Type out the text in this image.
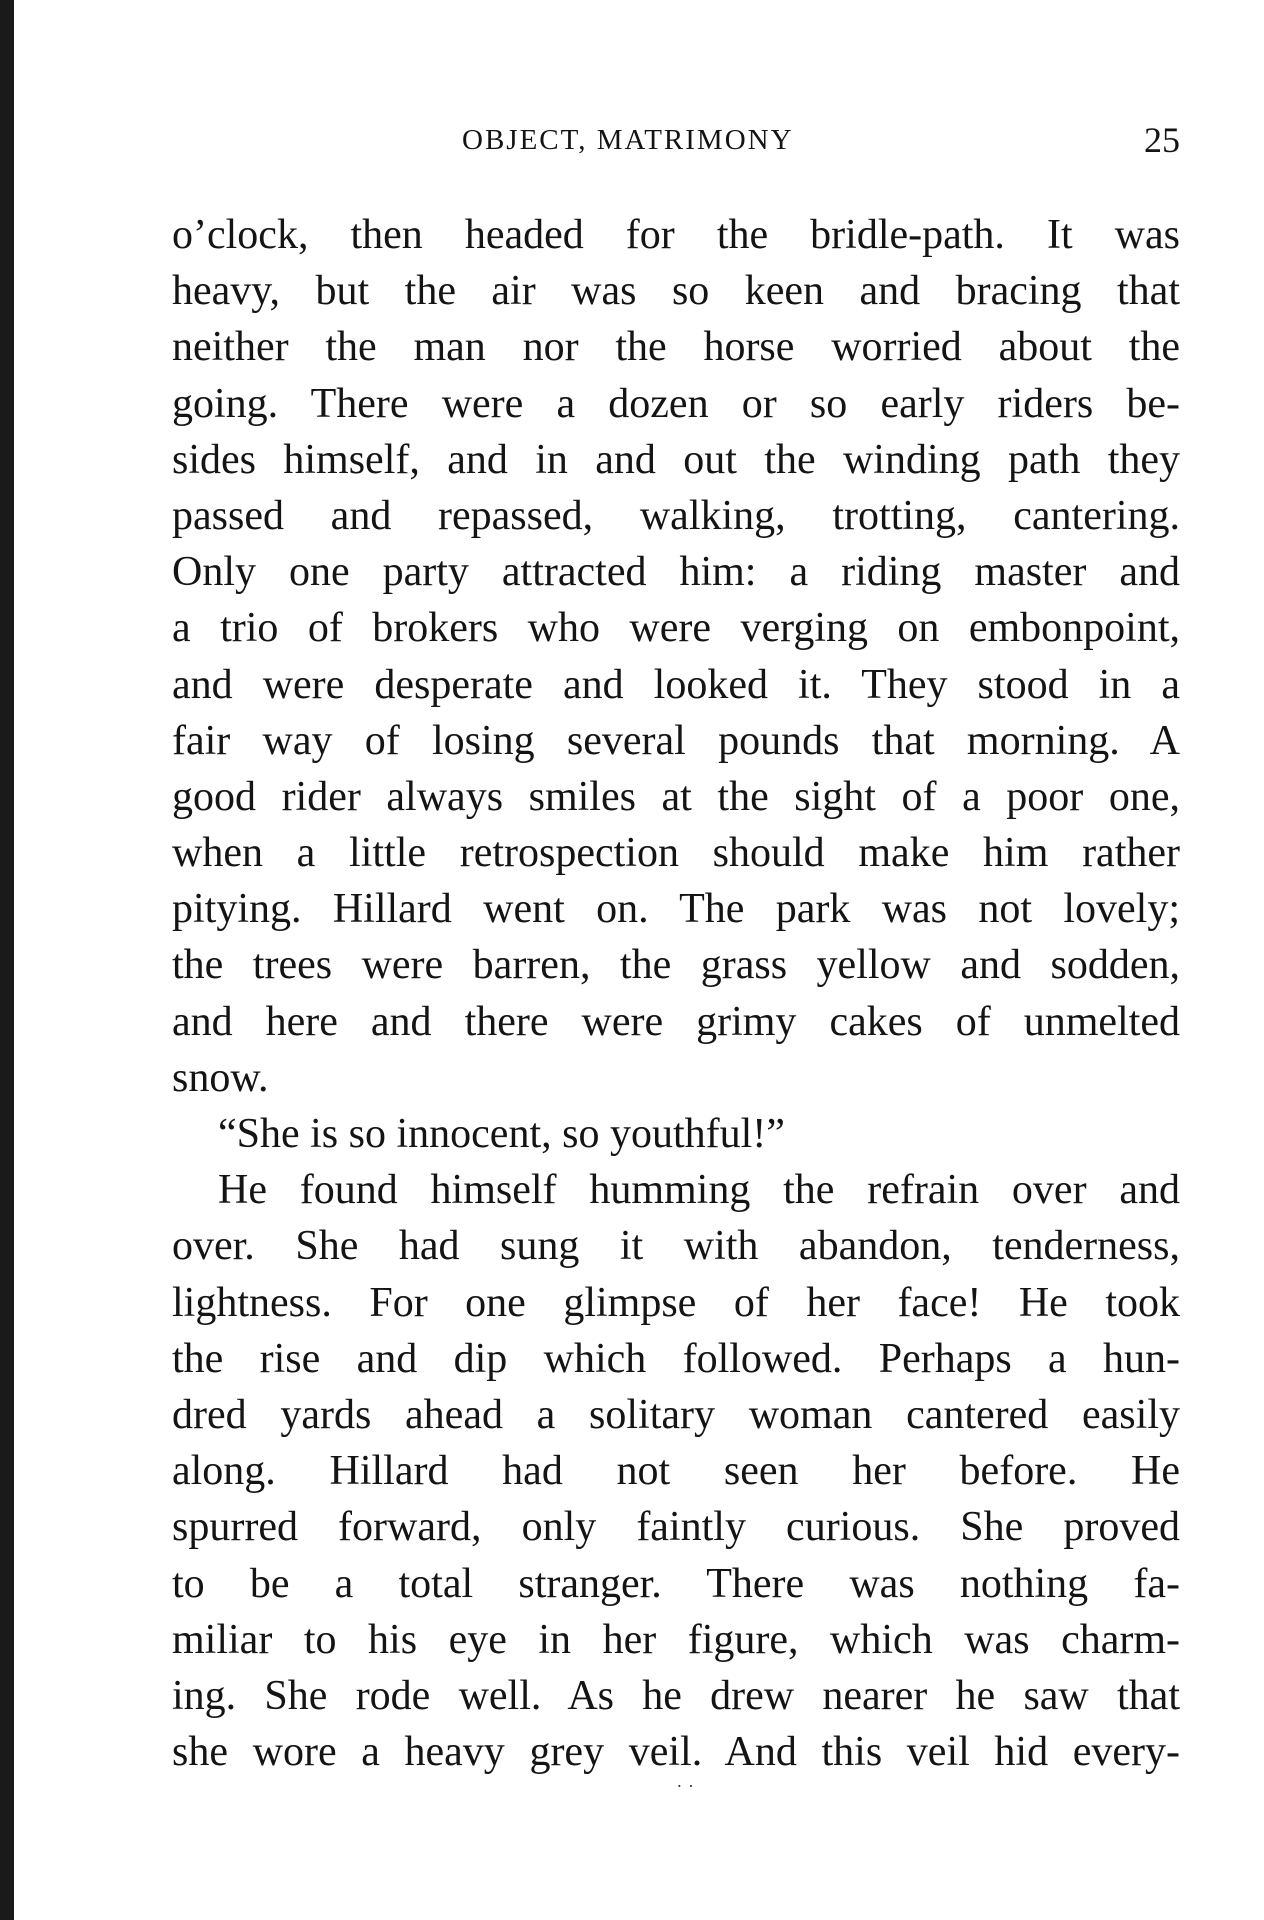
OBJECT, MATRIMONY	25
o’clock, then headed for the bridle-path. It was
heavy, but the air was so keen and bracing that
neither the man nor the horse worried about the
going. There were a dozen or so early riders be-
sides himself, and in and out the winding path they
passed and repassed, walking, trotting, cantering.
Only one party attracted him: a riding master and
a trio of brokers who were verging on embonpoint,
and were desperate and looked it. They stood in a
fair way of losing several pounds that morning. A
good rider always smiles at the sight of a poor one,
when a little retrospection should make him rather
pitying. Hillard went on. The park was not lovely;
the trees were barren, the grass yellow and sodden,
and here and there were grimy cakes of unmelted
snow.
“She is so innocent, so youthful!”
He found himself humming the refrain over and
over. She had sung it with abandon, tenderness,
lightness. For one glimpse of her face! He took
the rise and dip which followed. Perhaps a hun-
dred yards ahead a solitary woman cantered easily
along. Hillard had not seen her before. He
spurred forward, only faintly curious. She proved
to be a total stranger. There was nothing fa-
miliar to his eye in her figure, which was charm-
ing. She rode well. As he drew nearer he saw that
she wore a heavy grey veil. And this veil hid every-
˙ ˙
